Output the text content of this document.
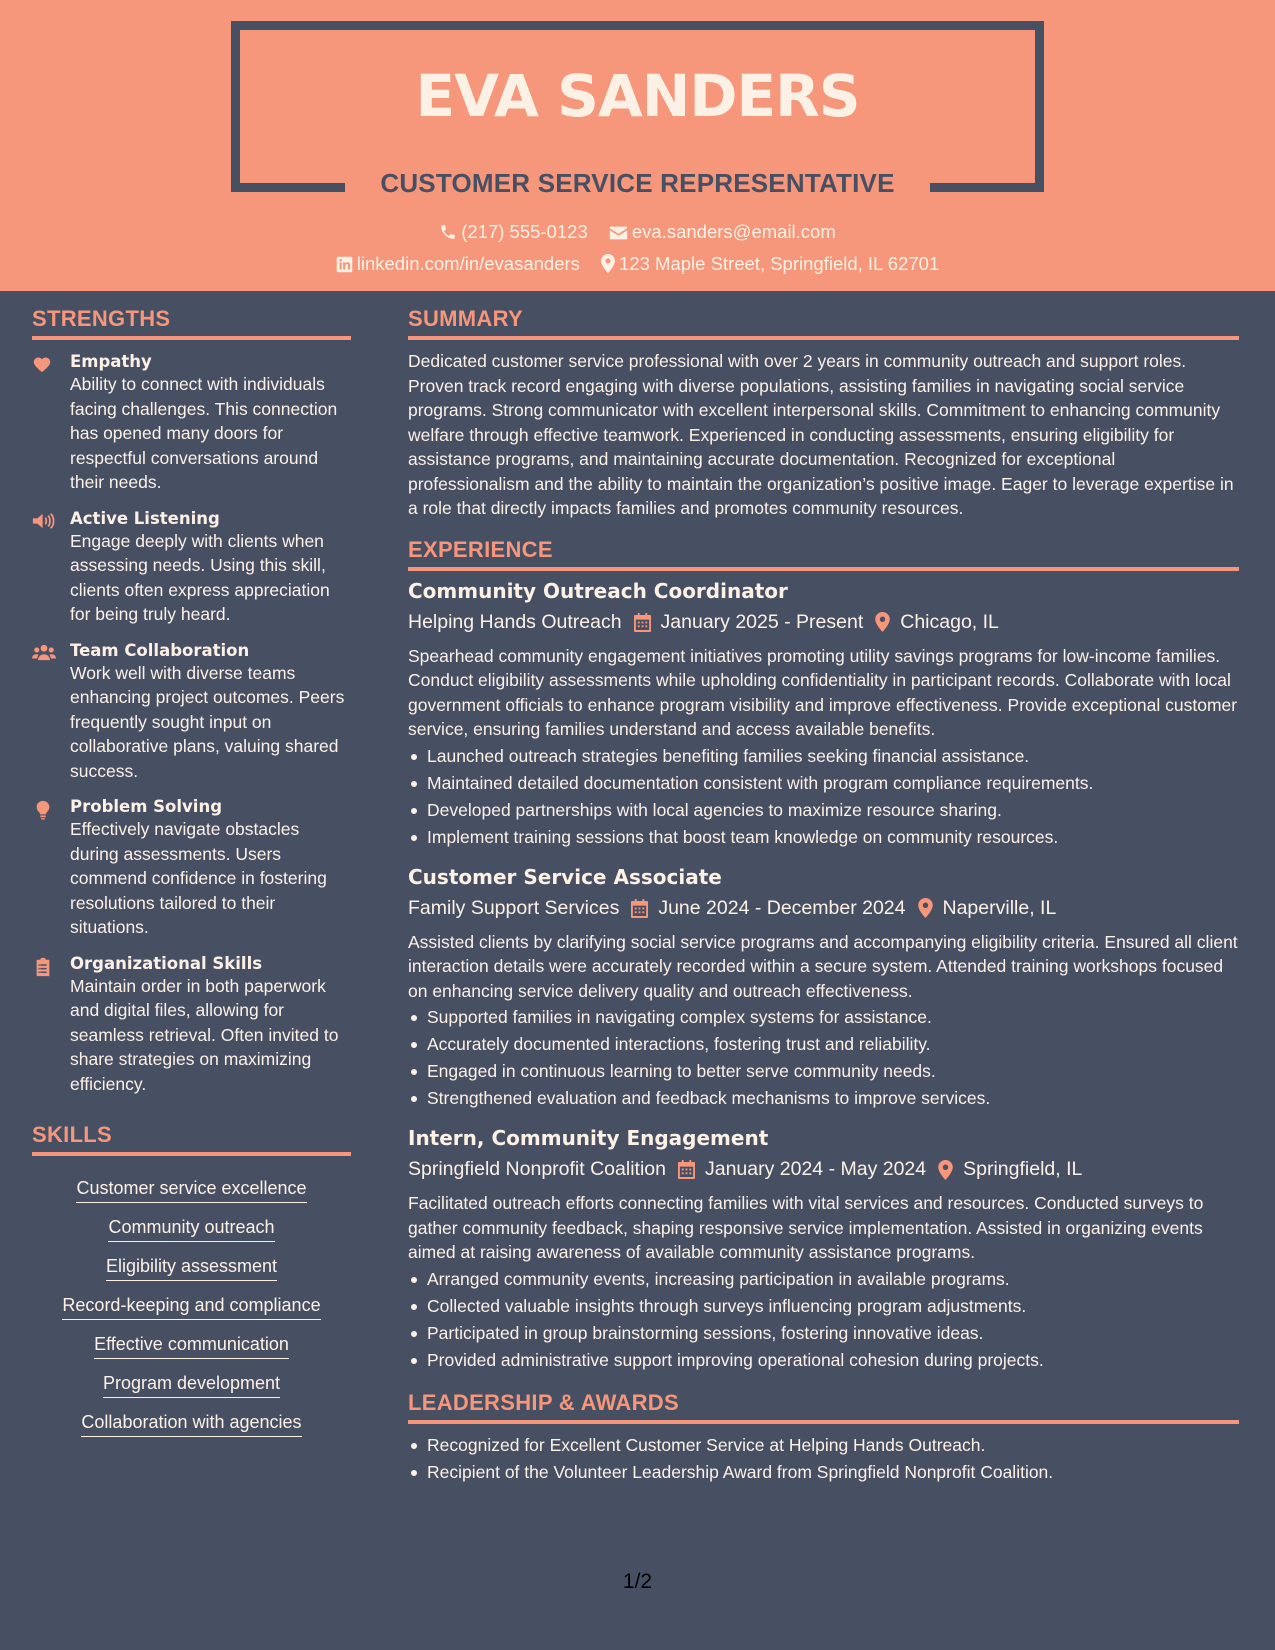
EVA SANDERS
CUSTOMER SERVICE REPRESENTATIVE
(217) 555-0123 eva.sanders@email.com
linkedin.com/in/evasanders 123 Maple Street, Springfield, IL 62701
STRENGTHS
Empathy
Ability to connect with individuals facing challenges. This connection has opened many doors for respectful conversations around their needs.
Active Listening
Engage deeply with clients when assessing needs. Using this skill, clients often express appreciation for being truly heard.
Team Collaboration
Work well with diverse teams enhancing project outcomes. Peers frequently sought input on collaborative plans, valuing shared success.
Problem Solving
Effectively navigate obstacles during assessments. Users commend confidence in fostering resolutions tailored to their situations.
Organizational Skills
Maintain order in both paperwork and digital files, allowing for seamless retrieval. Often invited to share strategies on maximizing efficiency.
SKILLS
Customer service excellence
Community outreach
Eligibility assessment
Record-keeping and compliance
Effective communication
Program development
Collaboration with agencies
SUMMARY
Dedicated customer service professional with over 2 years in community outreach and support roles. Proven track record engaging with diverse populations, assisting families in navigating social service programs. Strong communicator with excellent interpersonal skills. Commitment to enhancing community welfare through effective teamwork. Experienced in conducting assessments, ensuring eligibility for assistance programs, and maintaining accurate documentation. Recognized for exceptional professionalism and the ability to maintain the organization’s positive image. Eager to leverage expertise in a role that directly impacts families and promotes community resources.
EXPERIENCE
Community Outreach Coordinator
Helping Hands Outreach January 2025 - Present Chicago, IL
Spearhead community engagement initiatives promoting utility savings programs for low-income families. Conduct eligibility assessments while upholding confidentiality in participant records. Collaborate with local government officials to enhance program visibility and improve effectiveness. Provide exceptional customer service, ensuring families understand and access available benefits.
Launched outreach strategies benefiting families seeking financial assistance.
Maintained detailed documentation consistent with program compliance requirements.
Developed partnerships with local agencies to maximize resource sharing.
Implement training sessions that boost team knowledge on community resources.
Customer Service Associate
Family Support Services June 2024 - December 2024 Naperville, IL
Assisted clients by clarifying social service programs and accompanying eligibility criteria. Ensured all client interaction details were accurately recorded within a secure system. Attended training workshops focused on enhancing service delivery quality and outreach effectiveness.
Supported families in navigating complex systems for assistance.
Accurately documented interactions, fostering trust and reliability.
Engaged in continuous learning to better serve community needs.
Strengthened evaluation and feedback mechanisms to improve services.
Intern, Community Engagement
Springfield Nonprofit Coalition January 2024 - May 2024 Springfield, IL
Facilitated outreach efforts connecting families with vital services and resources. Conducted surveys to gather community feedback, shaping responsive service implementation. Assisted in organizing events aimed at raising awareness of available community assistance programs.
Arranged community events, increasing participation in available programs.
Collected valuable insights through surveys influencing program adjustments.
Participated in group brainstorming sessions, fostering innovative ideas.
Provided administrative support improving operational cohesion during projects.
LEADERSHIP & AWARDS
Recognized for Excellent Customer Service at Helping Hands Outreach.
Recipient of the Volunteer Leadership Award from Springfield Nonprofit Coalition.
1/2
